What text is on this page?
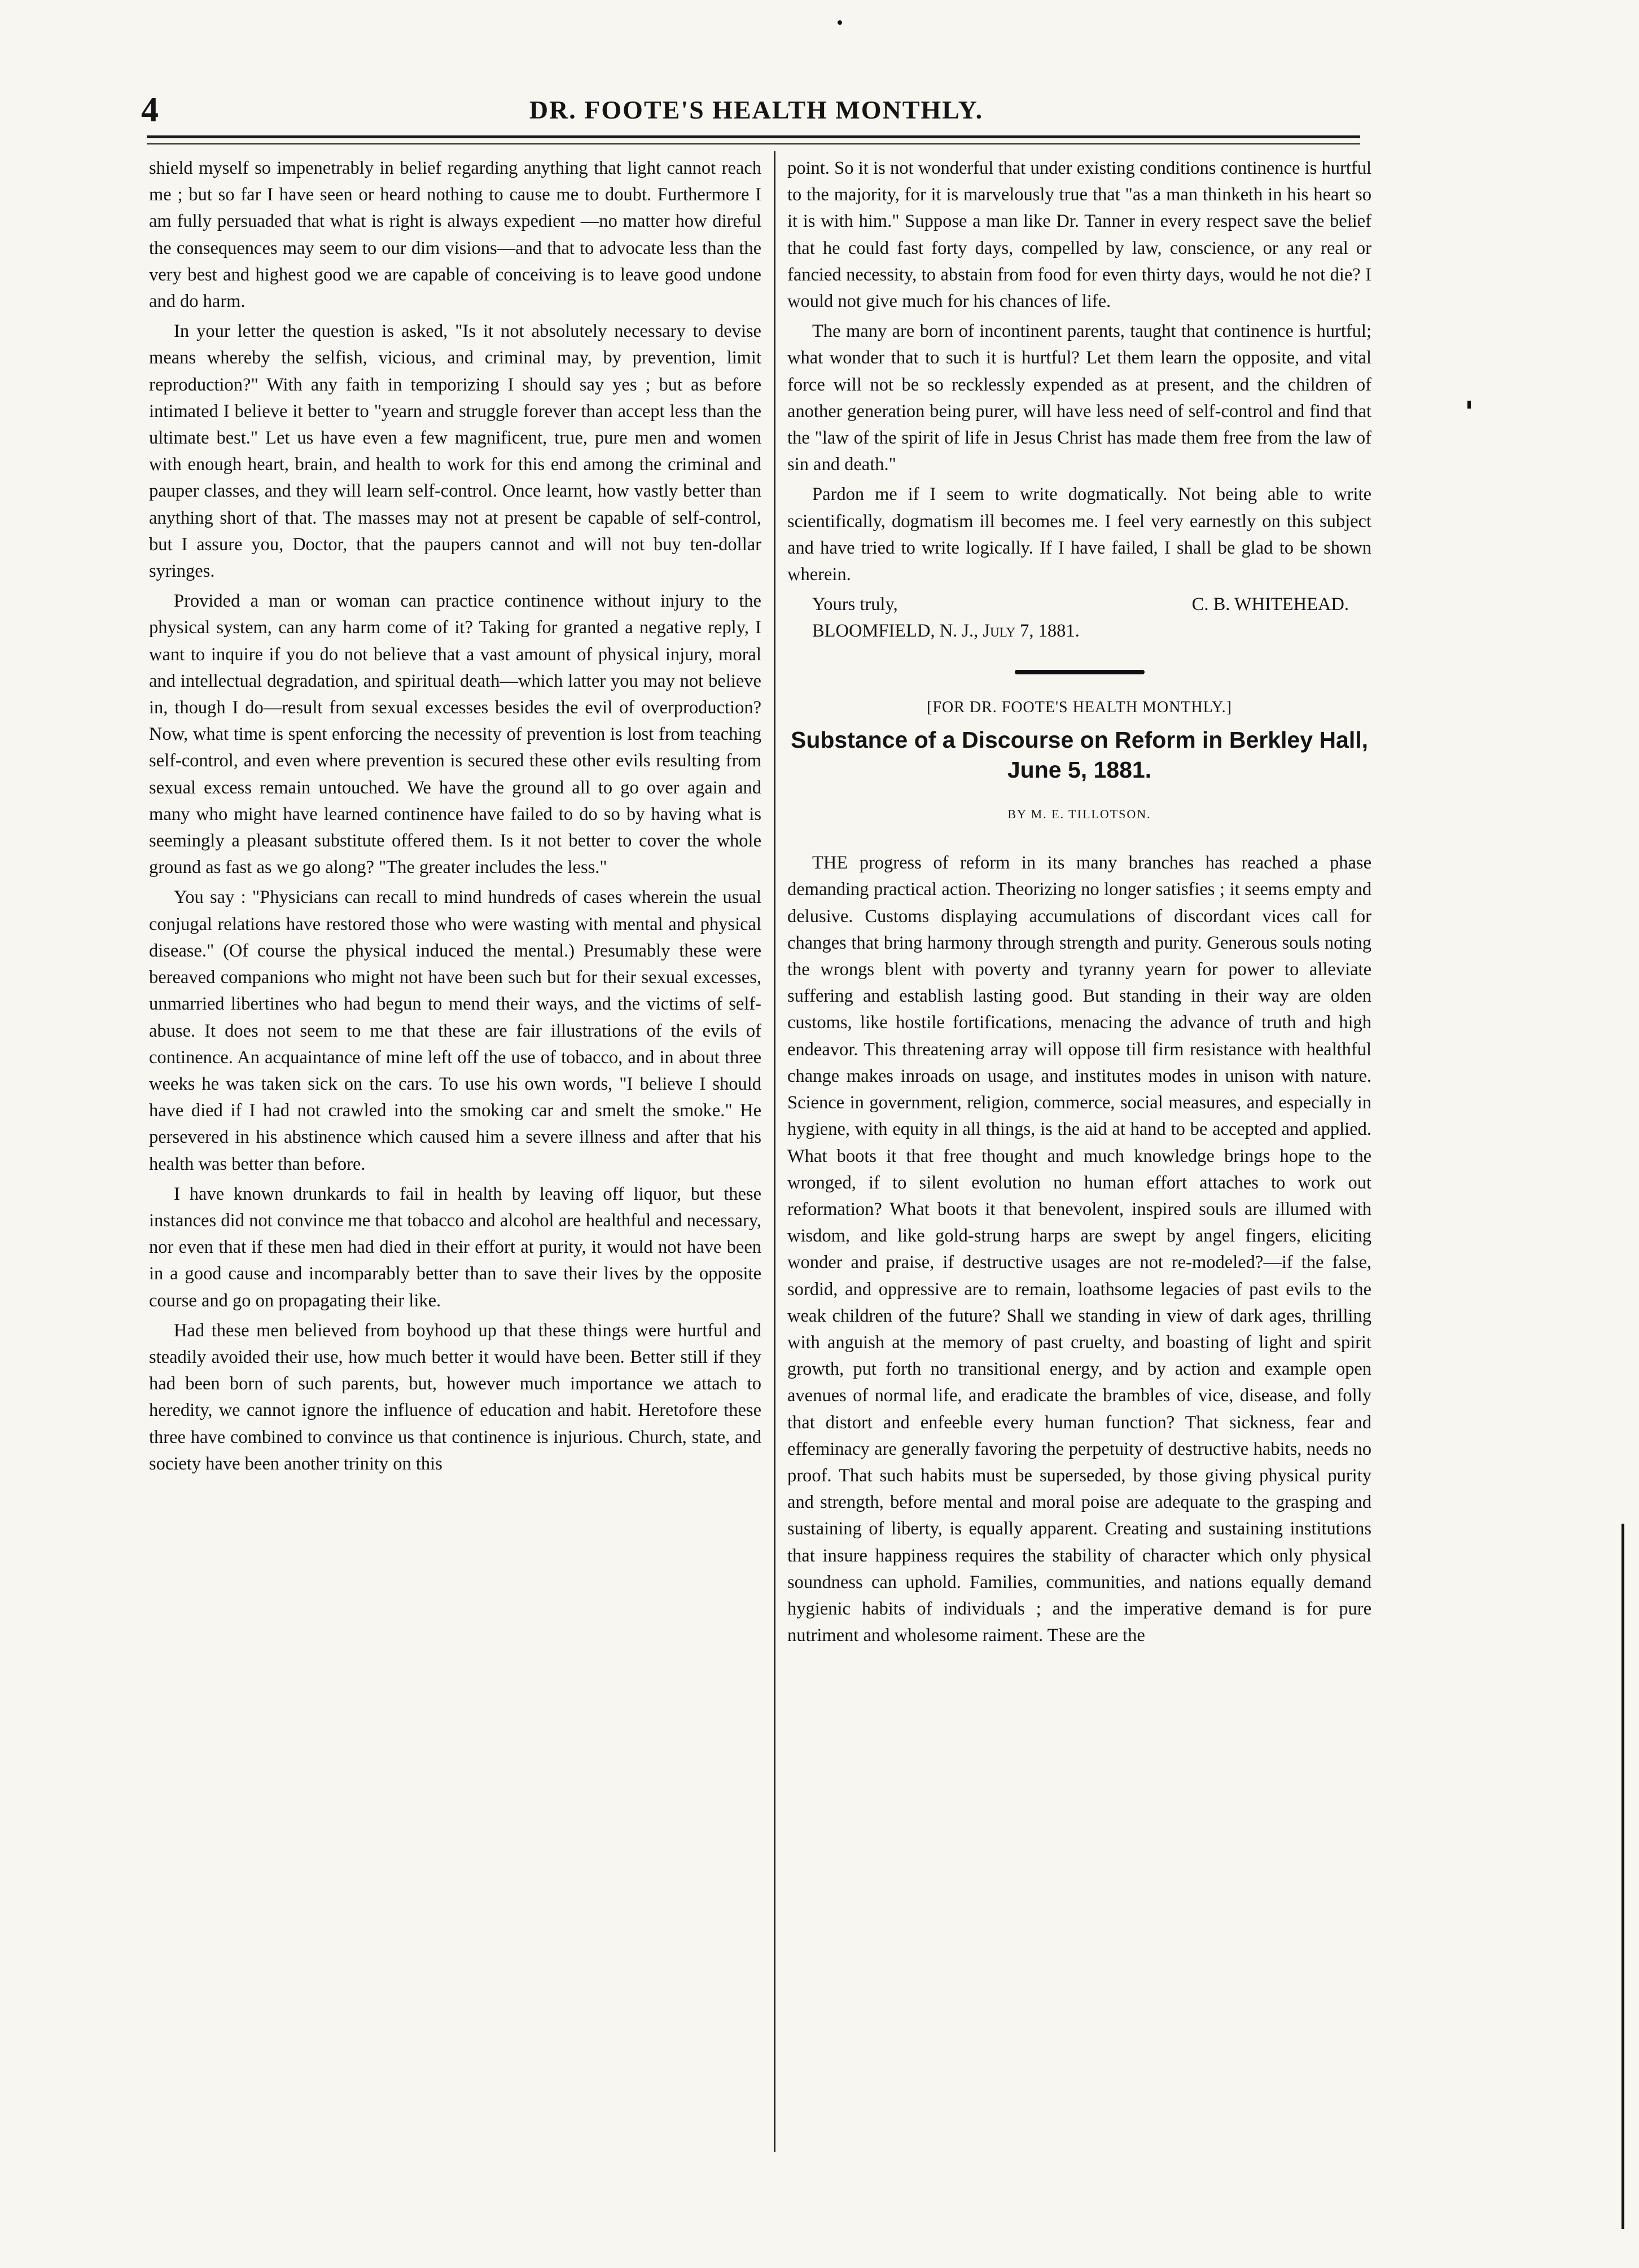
4	DR. FOOTE'S HEALTH MONTHLY.

shield myself so impenetrably in belief regarding anything that light cannot reach me ; but so far I have seen or heard nothing to cause me to doubt. Furthermore I am fully persuaded that what is right is always expedient —no matter how direful the consequences may seem to our dim visions—and that to advocate less than the very best and highest good we are capable of conceiving is to leave good undone and do harm.

In your letter the question is asked, "Is it not absolutely necessary to devise means whereby the selfish, vicious, and criminal may, by prevention, limit reproduction?" With any faith in temporizing I should say yes ; but as before intimated I believe it better to "yearn and struggle forever than accept less than the ultimate best." Let us have even a few magnificent, true, pure men and women with enough heart, brain, and health to work for this end among the criminal and pauper classes, and they will learn self-control. Once learnt, how vastly better than anything short of that. The masses may not at present be capable of self-control, but I assure you, Doctor, that the paupers cannot and will not buy ten-dollar syringes.

Provided a man or woman can practice continence without injury to the physical system, can any harm come of it? Taking for granted a negative reply, I want to inquire if you do not believe that a vast amount of physical injury, moral and intellectual degradation, and spiritual death—which latter you may not believe in, though I do—result from sexual excesses besides the evil of overproduction? Now, what time is spent enforcing the necessity of prevention is lost from teaching self-control, and even where prevention is secured these other evils resulting from sexual excess remain untouched. We have the ground all to go over again and many who might have learned continence have failed to do so by having what is seemingly a pleasant substitute offered them. Is it not better to cover the whole ground as fast as we go along? "The greater includes the less."

You say : "Physicians can recall to mind hundreds of cases wherein the usual conjugal relations have restored those who were wasting with mental and physical disease." (Of course the physical induced the mental.) Presumably these were bereaved companions who might not have been such but for their sexual excesses, unmarried libertines who had begun to mend their ways, and the victims of self-abuse. It does not seem to me that these are fair illustrations of the evils of continence. An acquaintance of mine left off the use of tobacco, and in about three weeks he was taken sick on the cars. To use his own words, "I believe I should have died if I had not crawled into the smoking car and smelt the smoke." He persevered in his abstinence which caused him a severe illness and after that his health was better than before.

I have known drunkards to fail in health by leaving off liquor, but these instances did not convince me that tobacco and alcohol are healthful and necessary, nor even that if these men had died in their effort at purity, it would not have been in a good cause and incomparably better than to save their lives by the opposite course and go on propagating their like.

Had these men believed from boyhood up that these things were hurtful and steadily avoided their use, how much better it would have been. Better still if they had been born of such parents, but, however much importance we attach to heredity, we cannot ignore the influence of education and habit. Heretofore these three have combined to convince us that continence is injurious. Church, state, and society have been another trinity on this

point. So it is not wonderful that under existing conditions continence is hurtful to the majority, for it is marvelously true that "as a man thinketh in his heart so it is with him." Suppose a man like Dr. Tanner in every respect save the belief that he could fast forty days, compelled by law, conscience, or any real or fancied necessity, to abstain from food for even thirty days, would he not die? I would not give much for his chances of life.

The many are born of incontinent parents, taught that continence is hurtful; what wonder that to such it is hurtful? Let them learn the opposite, and vital force will not be so recklessly expended as at present, and the children of another generation being purer, will have less need of self-control and find that the "law of the spirit of life in Jesus Christ has made them free from the law of sin and death."

Pardon me if I seem to write dogmatically. Not being able to write scientifically, dogmatism ill becomes me. I feel very earnestly on this subject and have tried to write logically. If I have failed, I shall be glad to be shown wherein.

Yours truly,	C. B. WHITEHEAD.

BLOOMFIELD, N. J., July 7, 1881.

[FOR DR. FOOTE'S HEALTH MONTHLY.]
Substance of a Discourse on Reform in Berkley Hall, June 5, 1881.
BY M. E. TILLOTSON.

THE progress of reform in its many branches has reached a phase demanding practical action. Theorizing no longer satisfies ; it seems empty and delusive. Customs displaying accumulations of discordant vices call for changes that bring harmony through strength and purity. Generous souls noting the wrongs blent with poverty and tyranny yearn for power to alleviate suffering and establish lasting good. But standing in their way are olden customs, like hostile fortifications, menacing the advance of truth and high endeavor. This threatening array will oppose till firm resistance with healthful change makes inroads on usage, and institutes modes in unison with nature. Science in government, religion, commerce, social measures, and especially in hygiene, with equity in all things, is the aid at hand to be accepted and applied. What boots it that free thought and much knowledge brings hope to the wronged, if to silent evolution no human effort attaches to work out reformation? What boots it that benevolent, inspired souls are illumed with wisdom, and like gold-strung harps are swept by angel fingers, eliciting wonder and praise, if destructive usages are not re-modeled?—if the false, sordid, and oppressive are to remain, loathsome legacies of past evils to the weak children of the future? Shall we standing in view of dark ages, thrilling with anguish at the memory of past cruelty, and boasting of light and spirit growth, put forth no transitional energy, and by action and example open avenues of normal life, and eradicate the brambles of vice, disease, and folly that distort and enfeeble every human function? That sickness, fear and effeminacy are generally favoring the perpetuity of destructive habits, needs no proof. That such habits must be superseded, by those giving physical purity and strength, before mental and moral poise are adequate to the grasping and sustaining of liberty, is equally apparent. Creating and sustaining institutions that insure happiness requires the stability of character which only physical soundness can uphold. Families, communities, and nations equally demand hygienic habits of individuals ; and the imperative demand is for pure nutriment and wholesome raiment. These are the
